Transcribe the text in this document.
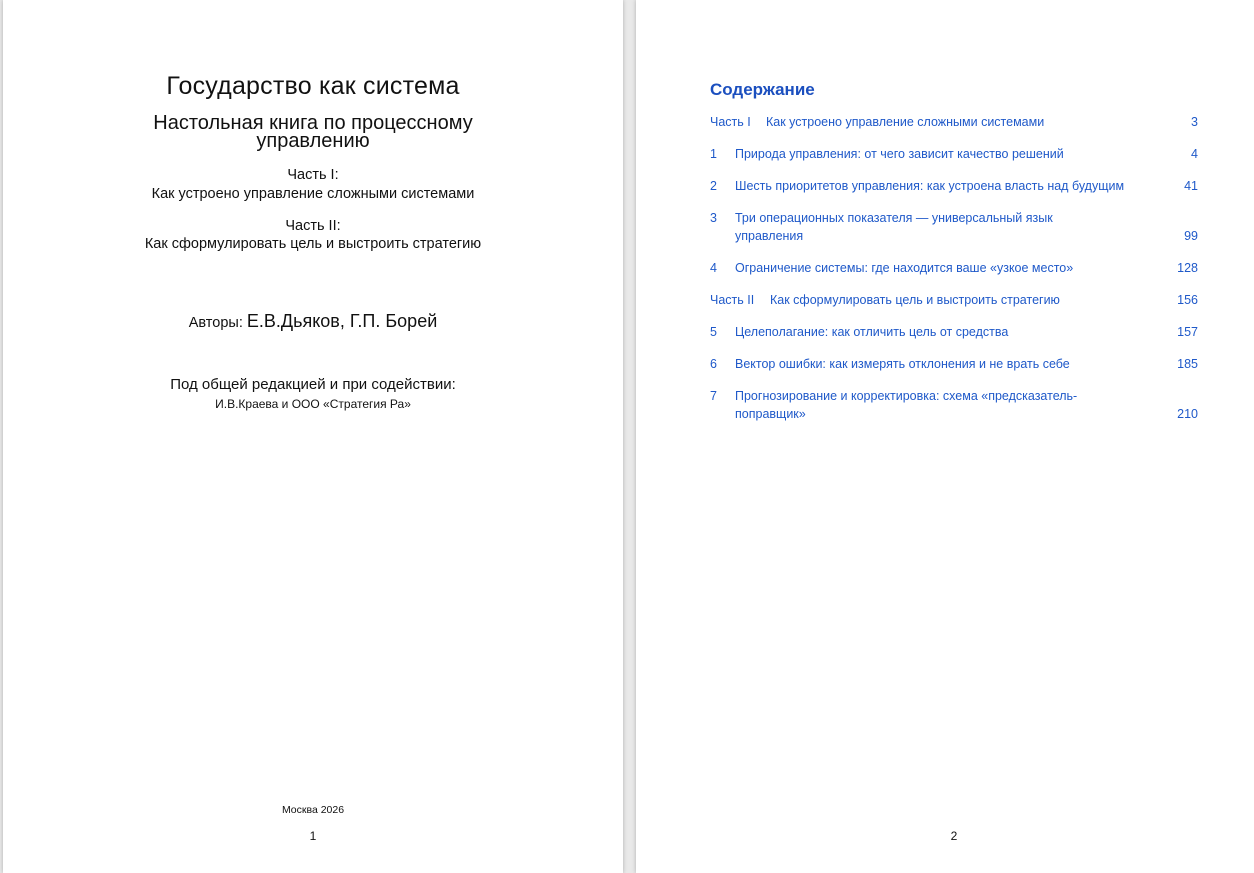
Государство как система
Настольная книга по процессному управлению
Часть I:
Как устроено управление сложными системами
Часть II:
Как сформулировать цель и выстроить стратегию
Авторы: Е.В.Дьяков, Г.П. Борей
Под общей редакцией и при содействии:
И.В.Краева и ООО «Стратегия Ра»
Москва 2026
1
Содержание
Часть I Как устроено управление сложными системами	3
1 Природа управления: от чего зависит качество решений	4
2 Шесть приоритетов управления: как устроена власть над будущим	41
3 Три операционных показателя — универсальный язык управления	99
4 Ограничение системы: где находится ваше «узкое место»	128
Часть II Как сформулировать цель и выстроить стратегию	156
5 Целеполагание: как отличить цель от средства	157
6 Вектор ошибки: как измерять отклонения и не врать себе	185
7 Прогнозирование и корректировка: схема «предсказатель-поправщик»	210
2
